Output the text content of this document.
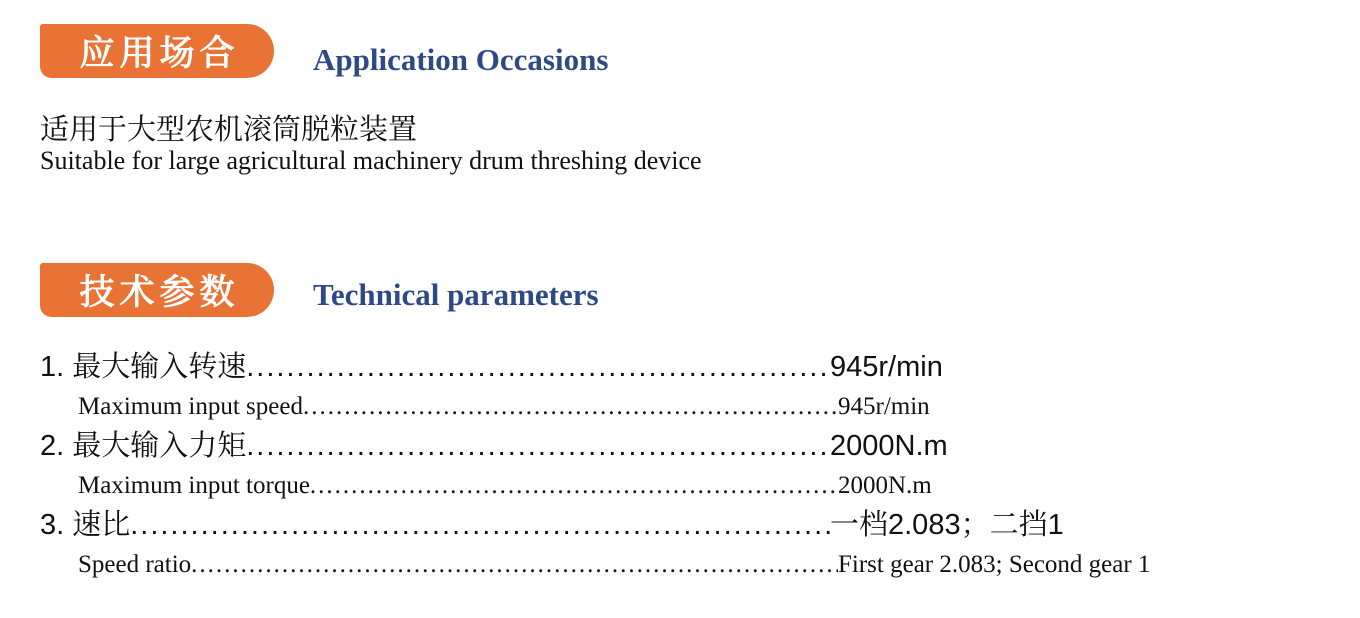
应用场合 Application Occasions
适用于大型农机滚筒脱粒装置
Suitable for large agricultural machinery drum threshing device
技术参数 Technical parameters
1. 最大输入转速 .....	945r/min
Maximum input speed .....	945r/min
2. 最大输入力矩 .....	2000N.m
Maximum input torque .....	2000N.m
3. 速比 .....	一档2.083；二挡1
Speed ratio .....	First gear 2.083; Second gear 1
